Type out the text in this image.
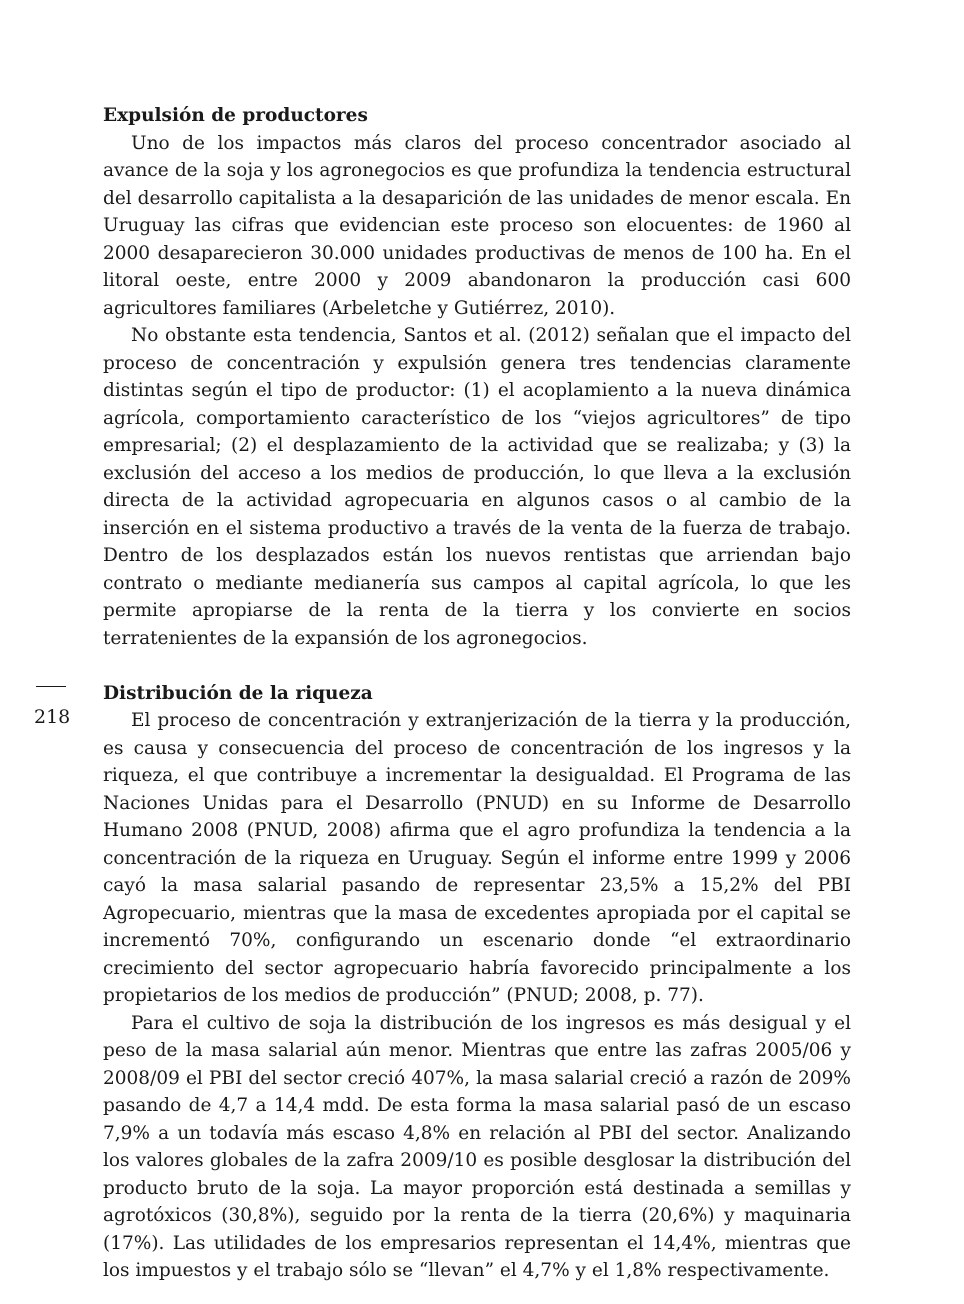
Expulsión de productores

Uno de los impactos más claros del proceso concentrador asociado al avance de la soja y los agronegocios es que profundiza la tendencia estructural del desarrollo capitalista a la desaparición de las unidades de menor escala. En Uruguay las cifras que evidencian este proceso son elocuentes: de 1960 al 2000 desaparecieron 30.000 unidades productivas de menos de 100 ha. En el litoral oeste, entre 2000 y 2009 abandonaron la producción casi 600 agricultores familiares (Arbeletche y Gutiérrez, 2010).

No obstante esta tendencia, Santos et al. (2012) señalan que el impacto del proceso de concentración y expulsión genera tres tendencias claramente distintas según el tipo de productor: (1) el acoplamiento a la nueva dinámica agrícola, comportamiento característico de los “viejos agricultores” de tipo empresarial; (2) el desplazamiento de la actividad que se realizaba; y (3) la exclusión del acceso a los medios de producción, lo que lleva a la exclusión directa de la actividad agropecuaria en algunos casos o al cambio de la inserción en el sistema productivo a través de la venta de la fuerza de trabajo. Dentro de los desplazados están los nuevos rentistas que arriendan bajo contrato o mediante medianería sus campos al capital agrícola, lo que les permite apropiarse de la renta de la tierra y los convierte en socios terratenientes de la expansión de los agronegocios.

Distribución de la riqueza

El proceso de concentración y extranjerización de la tierra y la producción, es causa y consecuencia del proceso de concentración de los ingresos y la riqueza, el que contribuye a incrementar la desigualdad. El Programa de las Naciones Unidas para el Desarrollo (PNUD) en su Informe de Desarrollo Humano 2008 (PNUD, 2008) afirma que el agro profundiza la tendencia a la concentración de la riqueza en Uruguay. Según el informe entre 1999 y 2006 cayó la masa salarial pasando de representar 23,5% a 15,2% del PBI Agropecuario, mientras que la masa de excedentes apropiada por el capital se incrementó 70%, configurando un escenario donde “el extraordinario crecimiento del sector agropecuario habría favorecido principalmente a los propietarios de los medios de producción” (PNUD; 2008, p. 77).

Para el cultivo de soja la distribución de los ingresos es más desigual y el peso de la masa salarial aún menor. Mientras que entre las zafras 2005/06 y 2008/09 el PBI del sector creció 407%, la masa salarial creció a razón de 209% pasando de 4,7 a 14,4 mdd. De esta forma la masa salarial pasó de un escaso 7,9% a un todavía más escaso 4,8% en relación al PBI del sector. Analizando los valores globales de la zafra 2009/10 es posible desglosar la distribución del producto bruto de la soja. La mayor proporción está destinada a semillas y agrotóxicos (30,8%), seguido por la renta de la tierra (20,6%) y maquinaria (17%). Las utilidades de los empresarios representan el 14,4%, mientras que los impuestos y el trabajo sólo se “llevan” el 4,7% y el 1,8% respectivamente.

218
